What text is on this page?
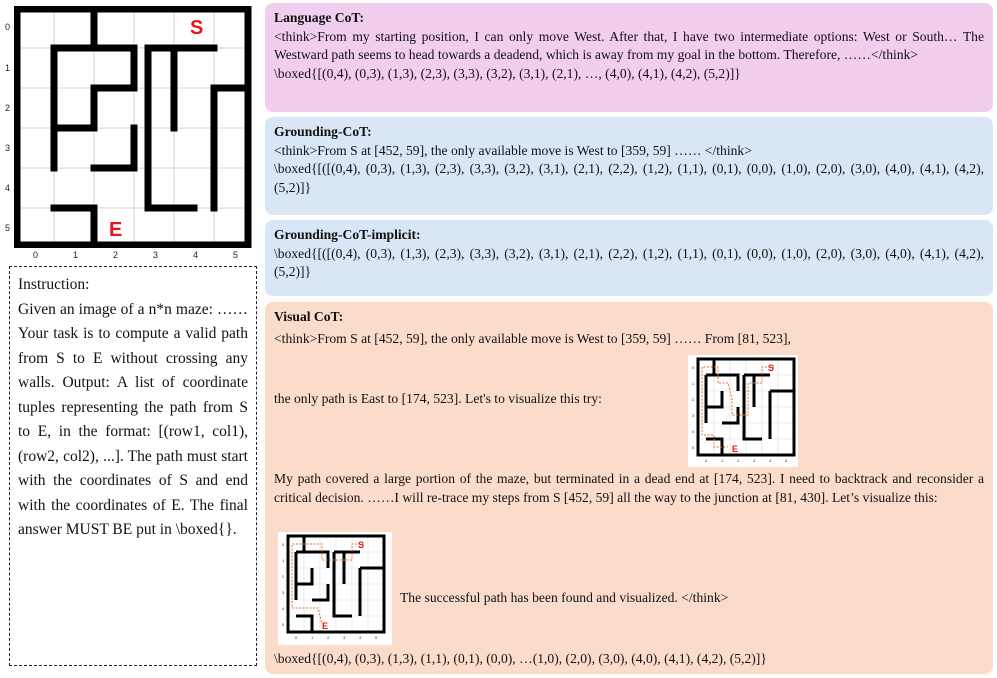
S
E
0
1
2
3
4
5
0	1	2	3	4	5
Instruction:
Given an image of a n*n maze: …… Your task is to compute a valid path from S to E without crossing any walls. Output: A list of coordinate tuples representing the path from S to E, in the format: [(row1, col1), (row2, col2), ...]. The path must start with the coordinates of S and end with the coordinates of E. The final answer MUST BE put in \boxed{}.
Language CoT:
<think>From my starting position, I can only move West. After that, I have two intermediate options: West or South… The Westward path seems to head towards a deadend, which is away from my goal in the bottom. Therefore, ……</think>
\boxed{[(0,4), (0,3), (1,3), (2,3), (3,3), (3,2), (3,1), (2,1), …, (4,0), (4,1), (4,2), (5,2)]}
Grounding-CoT:
<think>From S at [452, 59], the only available move is West to [359, 59] …… </think>
\boxed{[([(0,4), (0,3), (1,3), (2,3), (3,3), (3,2), (3,1), (2,1), (2,2), (1,2), (1,1), (0,1), (0,0), (1,0), (2,0), (3,0), (4,0), (4,1), (4,2), (5,2)]}
Grounding-CoT-implicit:
\boxed{[([(0,4), (0,3), (1,3), (2,3), (3,3), (3,2), (3,1), (2,1), (2,2), (1,2), (1,1), (0,1), (0,0), (1,0), (2,0), (3,0), (4,0), (4,1), (4,2), (5,2)]}
Visual CoT:
<think>From S at [452, 59], the only available move is West to [359, 59] …… From [81, 523],
the only path is East to [174, 523]. Let's to visualize this try:
My path covered a large portion of the maze, but terminated in a dead end at [174, 523]. I need to backtrack and reconsider a critical decision. ……I will re-trace my steps from S [452, 59] all the way to the junction at [81, 430]. Let’s visualize this:
The successful path has been found and visualized. </think>
\boxed{[(0,4), (0,3), (1,3), (1,1), (0,1), (0,0), …(1,0), (2,0), (3,0), (4,0), (4,1), (4,2), (5,2)]}
S
E
0
1
2
3
4
5
0	1	2	3	4	5
S
E
0
1
2
3
4
5
0	1	2	3	4	5
